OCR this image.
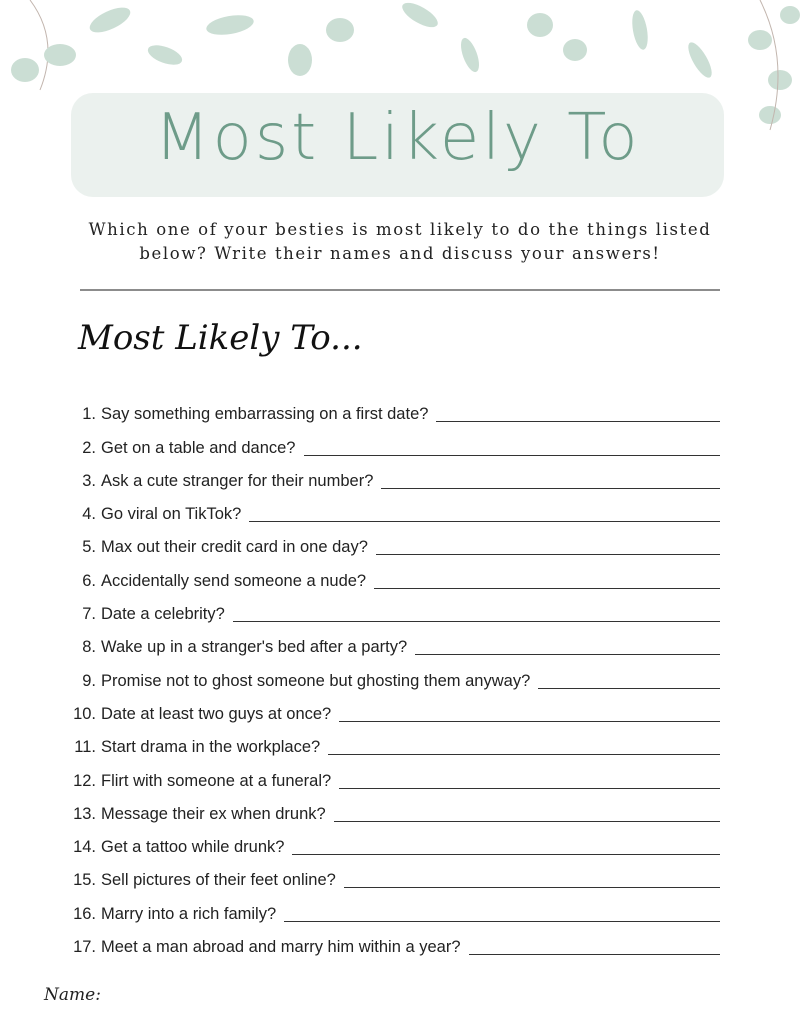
Most Likely To
Which one of your besties is most likely to do the things listed below? Write their names and discuss your answers!
Most Likely To...
1. Say something embarrassing on a first date?
2. Get on a table and dance?
3. Ask a cute stranger for their number?
4. Go viral on TikTok?
5. Max out their credit card in one day?
6. Accidentally send someone a nude?
7. Date a celebrity?
8. Wake up in a stranger's bed after a party?
9. Promise not to ghost someone but ghosting them anyway?
10. Date at least two guys at once?
11. Start drama in the workplace?
12. Flirt with someone at a funeral?
13. Message their ex when drunk?
14. Get a tattoo while drunk?
15. Sell pictures of their feet online?
16. Marry into a rich family?
17. Meet a man abroad and marry him within a year?
Name:
